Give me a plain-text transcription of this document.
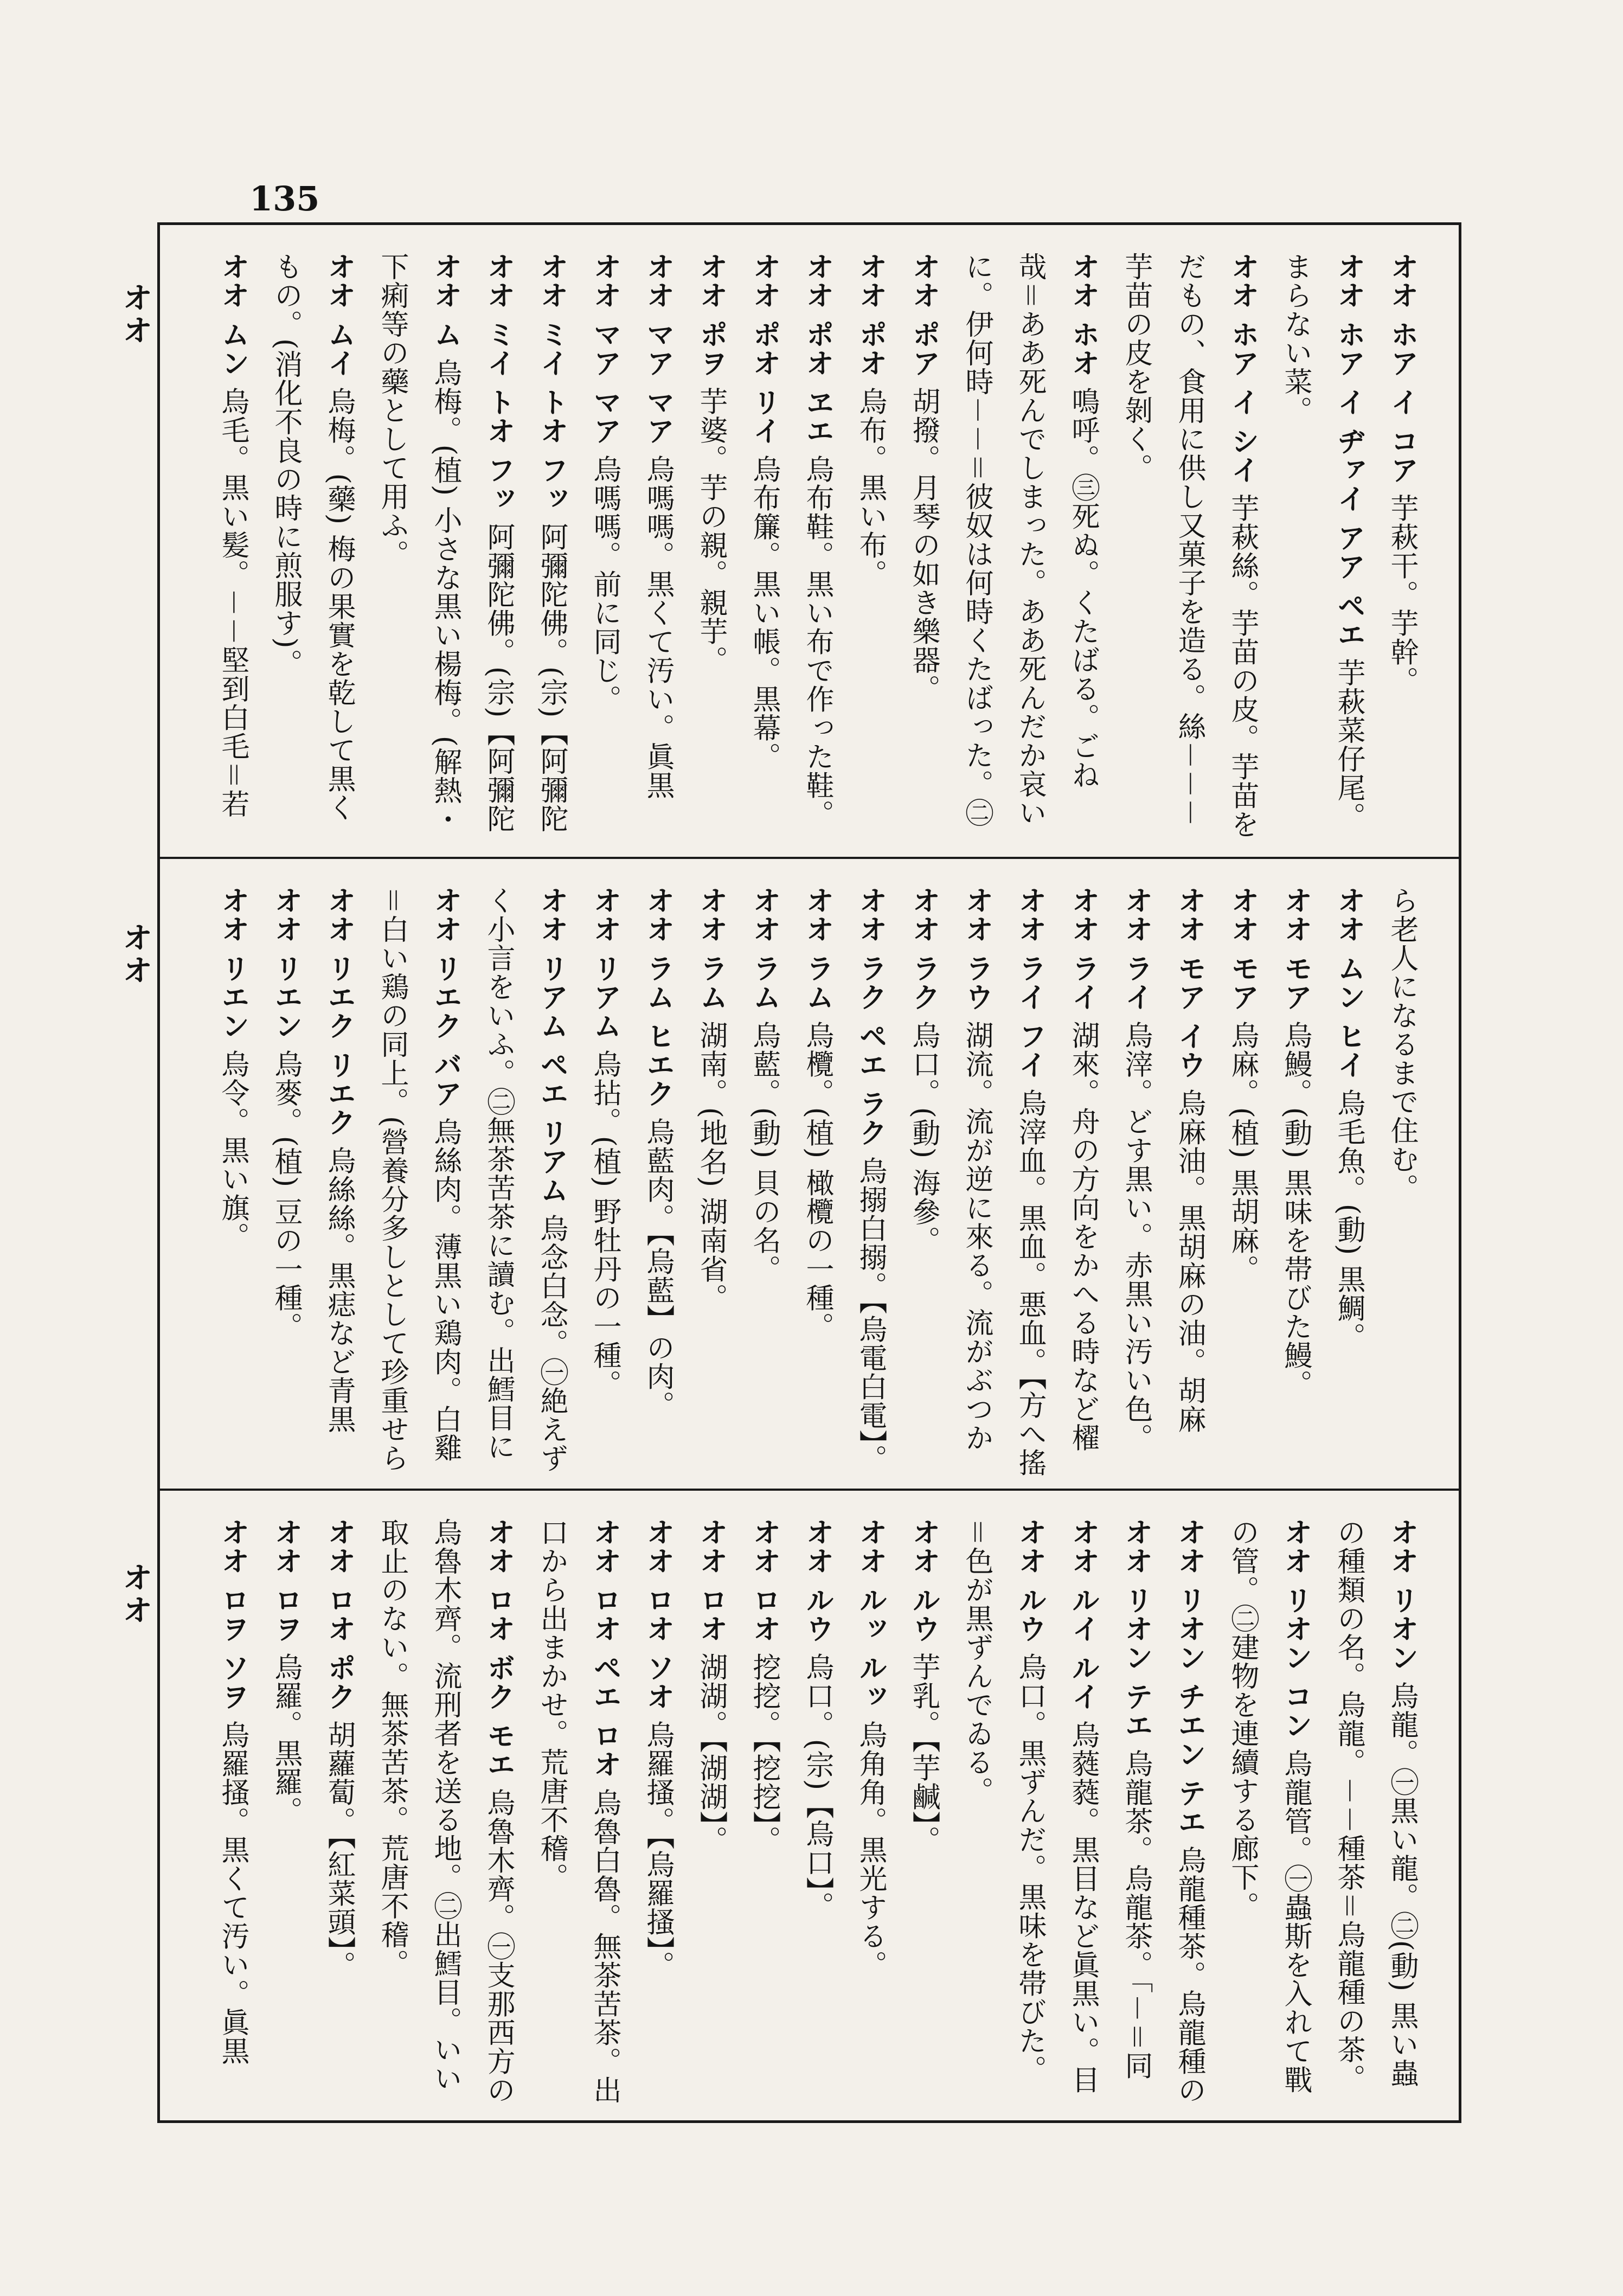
135
オオ
オオ
オオ
オオ ホア イ コア 芋萩干。芋幹。
オオ ホア イ ヂァイ アア ペエ 芋萩菜仔尾。
まらない菜。
オオ ホア イ シイ 芋萩絲。芋苗の皮。芋苗を
だもの、食用に供し又菓子を造る。絲－－－
芋苗の皮を剝く。
オオ ホオ 鳴呼。㊂死ぬ。くたばる。ごね
哉＝ああ死んでしまった。ああ死んだか哀い
に。伊何時－－＝彼奴は何時くたばった。㊁
オオ ポア 胡撥。月琴の如き樂器。
オオ ポオ 烏布。黒い布。
オオ ポオ ヱエ 烏布鞋。黒い布で作った鞋。
オオ ポオ リイ 烏布簾。黒い帳。黒幕。
オオ ポヲ 芋婆。芋の親。親芋。
オオ マア マア 烏嗎嗎。黒くて汚い。眞黒
オオ マア マア 烏嗎嗎。前に同じ。
オオ ミイ トオ フッ 阿彌陀佛。(宗)【阿彌陀
オオ ミイ トオ フッ 阿彌陀佛。(宗)【阿彌陀
オオ ム 烏梅。(植) 小さな黒い楊梅。(解熱・
下痢等の藥として用ふ。
オオ ムイ 烏梅。(藥) 梅の果實を乾して黒く
もの。(消化不良の時に煎服す)。
オオ ムン 烏毛。黒い髪。－－堅到白毛＝若
ら老人になるまで住む。
オオ ムン ヒイ 烏毛魚。(動) 黒鯛。
オオ モア 烏鰻。(動) 黒味を帯びた鰻。
オオ モア 烏麻。(植) 黒胡麻。
オオ モア イウ 烏麻油。黒胡麻の油。胡麻
オオ ライ 烏滓。どす黒い。赤黒い汚い色。
オオ ライ 湖來。舟の方向をかへる時など櫂
オオ ライ フイ 烏滓血。黒血。悪血。【方へ搖
オオ ラウ 湖流。流が逆に來る。流がぶつか
オオ ラク 烏口。(動) 海參。
オオ ラク ペエ ラク 烏搦白搦。【烏電白電】。
オオ ラム 烏欖。(植) 橄欖の一種。
オオ ラム 烏藍。(動) 貝の名。
オオ ラム 湖南。(地名) 湖南省。
オオ ラム ヒエク 烏藍肉。【烏藍】の肉。
オオ リアム 烏拈。(植) 野牡丹の一種。
オオ リアム ペエ リアム 烏念白念。㊀絶えず
く小言をいふ。㊁無茶苦茶に讀む。出鱈目に
オオ リエク バア 烏絲肉。薄黒い鶏肉。白雞
＝白い鶏の同上。(營養分多しとして珍重せら
オオ リエク リエク 烏絲絲。黒痣など青黒
オオ リエン 烏麥。(植) 豆の一種。
オオ リエン 烏令。黒い旗。
オオ リオン 烏龍。㊀黒い龍。㊁(動) 黒い蟲
の種類の名。烏龍。－－種茶＝烏龍種の茶。
オオ リオン コン 烏龍管。㊀蟲斯を入れて戰
の管。㊁建物を連續する廊下。
オオ リオン チエン テエ 烏龍種茶。烏龍種の
オオ リオン テエ 烏龍茶。烏龍茶。「－＝同
オオ ルイ ルイ 烏蕤蕤。黒目など眞黒い。目
オオ ルウ 烏口。黒ずんだ。黒味を帯びた。
＝色が黒ずんでゐる。
オオ ルウ 芋乳。【芋鹹】。
オオ ルッ ルッ 烏角角。黒光する。
オオ ルウ 烏口。(宗)【烏口】。
オオ ロオ 挖挖。【挖挖】。
オオ ロオ 湖湖。【湖湖】。
オオ ロオ ソオ 烏羅搔。【烏羅搔】。
オオ ロオ ペエ ロオ 烏魯白魯。無茶苦茶。出
口から出まかせ。荒唐不稽。
オオ ロオ ボク モエ 烏魯木齊。㊀支那西方の
烏魯木齊。流刑者を送る地。㊁出鱈目。いい
取止のない。無茶苦茶。荒唐不稽。
オオ ロオ ポク 胡蘿蔔。【紅菜頭】。
オオ ロヲ 烏羅。黒羅。
オオ ロヲ ソヲ 烏羅搔。黒くて汚い。眞黒
